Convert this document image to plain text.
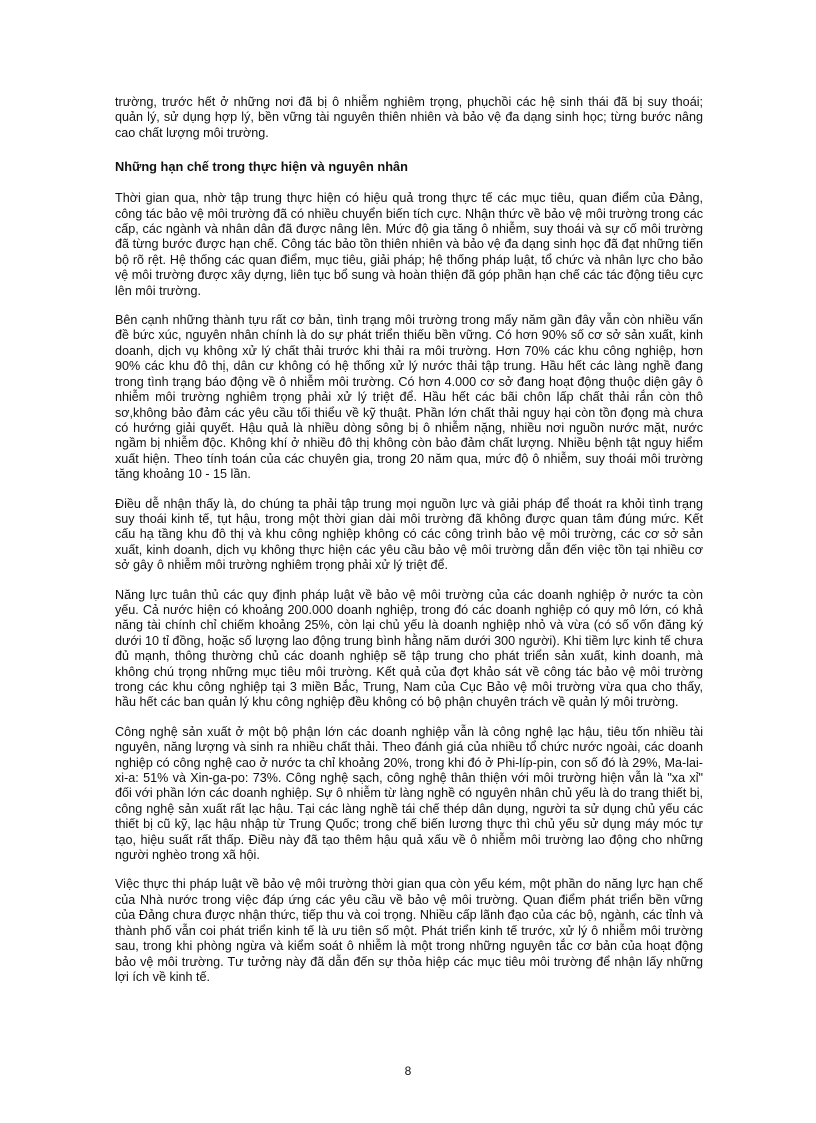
trường, trước hết ở những nơi đã bị ô nhiễm nghiêm trọng, phụchồi các hệ sinh thái đã bị suy thoái; quản lý, sử dụng hợp lý, bền vững tài nguyên thiên nhiên và bảo vệ đa dạng sinh học; từng bước nâng cao chất lượng môi trường.

Những hạn chế trong thực hiện và nguyên nhân

Thời gian qua, nhờ tập trung thực hiện có hiệu quả trong thực tế các mục tiêu, quan điểm của Đảng, công tác bảo vệ môi trường đã có nhiều chuyển biến tích cực. Nhận thức về bảo vệ môi trường trong các cấp, các ngành và nhân dân đã được nâng lên. Mức độ gia tăng ô nhiễm, suy thoái và sự cố môi trường đã từng bước được hạn chế. Công tác bảo tồn thiên nhiên và bảo vệ đa dạng sinh học đã đạt những tiến bộ rõ rệt. Hệ thống các quan điểm, mục tiêu, giải pháp; hệ thống pháp luật, tổ chức và nhân lực cho bảo vệ môi trường được xây dựng, liên tục bổ sung và hoàn thiện đã góp phần hạn chế các tác động tiêu cực lên môi trường.

Bên cạnh những thành tựu rất cơ bản, tình trạng môi trường trong mấy năm gần đây vẫn còn nhiều vấn đề bức xúc, nguyên nhân chính là do sự phát triển thiếu bền vững. Có hơn 90% số cơ sở sản xuất, kinh doanh, dịch vụ không xử lý chất thải trước khi thải ra môi trường. Hơn 70% các khu công nghiệp, hơn 90% các khu đô thị, dân cư không có hệ thống xử lý nước thải tập trung. Hầu hết các làng nghề đang trong tình trạng báo động về ô nhiễm môi trường. Có hơn 4.000 cơ sở đang hoạt động thuộc diện gây ô nhiễm môi trường nghiêm trọng phải xử lý triệt để. Hầu hết các bãi chôn lấp chất thải rắn còn thô sơ,không bảo đảm các yêu cầu tối thiểu về kỹ thuật. Phần lớn chất thải nguy hại còn tồn đọng mà chưa có hướng giải quyết. Hậu quả là nhiều dòng sông bị ô nhiễm nặng, nhiều nơi nguồn nước mặt, nước ngầm bị nhiễm độc. Không khí ở nhiều đô thị không còn bảo đảm chất lượng. Nhiều bệnh tật nguy hiểm xuất hiện. Theo tính toán của các chuyên gia, trong 20 năm qua, mức độ ô nhiễm, suy thoái môi trường tăng khoảng 10 - 15 lần.

Điều dễ nhận thấy là, do chúng ta phải tập trung mọi nguồn lực và giải pháp để thoát ra khỏi tình trạng suy thoái kinh tế, tụt hậu, trong một thời gian dài môi trường đã không được quan tâm đúng mức. Kết cấu hạ tầng khu đô thị và khu công nghiệp không có các công trình bảo vệ môi trường, các cơ sở sản xuất, kinh doanh, dịch vụ không thực hiện các yêu cầu bảo vệ môi trường dẫn đến việc tồn tại nhiều cơ sở gây ô nhiễm môi trường nghiêm trọng phải xử lý triệt để.

Năng lực tuân thủ các quy định pháp luật về bảo vệ môi trường của các doanh nghiệp ở nước ta còn yếu. Cả nước hiện có khoảng 200.000 doanh nghiệp, trong đó các doanh nghiệp có quy mô lớn, có khả năng tài chính chỉ chiếm khoảng 25%, còn lại chủ yếu là doanh nghiệp nhỏ và vừa (có số vốn đăng ký dưới 10 tỉ đồng, hoặc số lượng lao động trung bình hằng năm dưới 300 người). Khi tiềm lực kinh tế chưa đủ mạnh, thông thường chủ các doanh nghiệp sẽ tập trung cho phát triển sản xuất, kinh doanh, mà không chú trọng những mục tiêu môi trường. Kết quả của đợt khảo sát về công tác bảo vệ môi trường trong các khu công nghiệp tại 3 miền Bắc, Trung, Nam của Cục Bảo vệ môi trường vừa qua cho thấy, hầu hết các ban quản lý khu công nghiệp đều không có bộ phận chuyên trách về quản lý môi trường.

Công nghệ sản xuất ở một bộ phận lớn các doanh nghiệp vẫn là công nghệ lạc hậu, tiêu tốn nhiều tài nguyên, năng lượng và sinh ra nhiều chất thải. Theo đánh giá của nhiều tổ chức nước ngoài, các doanh nghiệp có công nghệ cao ở nước ta chỉ khoảng 20%, trong khi đó ở Phi-líp-pin, con số đó là 29%, Ma-lai-xi-a: 51% và Xin-ga-po: 73%. Công nghệ sạch, công nghệ thân thiện với môi trường hiện vẫn là "xa xỉ" đối với phần lớn các doanh nghiệp. Sự ô nhiễm từ làng nghề có nguyên nhân chủ yếu là do trang thiết bị, công nghệ sản xuất rất lạc hậu. Tại các làng nghề tái chế thép dân dụng, người ta sử dụng chủ yếu các thiết bị cũ kỹ, lạc hậu nhập từ Trung Quốc; trong chế biến lương thực thì chủ yếu sử dụng máy móc tự tạo, hiệu suất rất thấp. Điều này đã tạo thêm hậu quả xấu về ô nhiễm môi trường lao động cho những người nghèo trong xã hội.

Việc thực thi pháp luật về bảo vệ môi trường thời gian qua còn yếu kém, một phần do năng lực hạn chế của Nhà nước trong việc đáp ứng các yêu cầu về bảo vệ môi trường. Quan điểm phát triển bền vững của Đảng chưa được nhận thức, tiếp thu và coi trọng. Nhiều cấp lãnh đạo của các bộ, ngành, các tỉnh và thành phố vẫn coi phát triển kinh tế là ưu tiên số một. Phát triển kinh tế trước, xử lý ô nhiễm môi trường sau, trong khi phòng ngừa và kiểm soát ô nhiễm là một trong những nguyên tắc cơ bản của hoạt động bảo vệ môi trường. Tư tưởng này đã dẫn đến sự thỏa hiệp các mục tiêu môi trường để nhận lấy những lợi ích về kinh tế.

8
